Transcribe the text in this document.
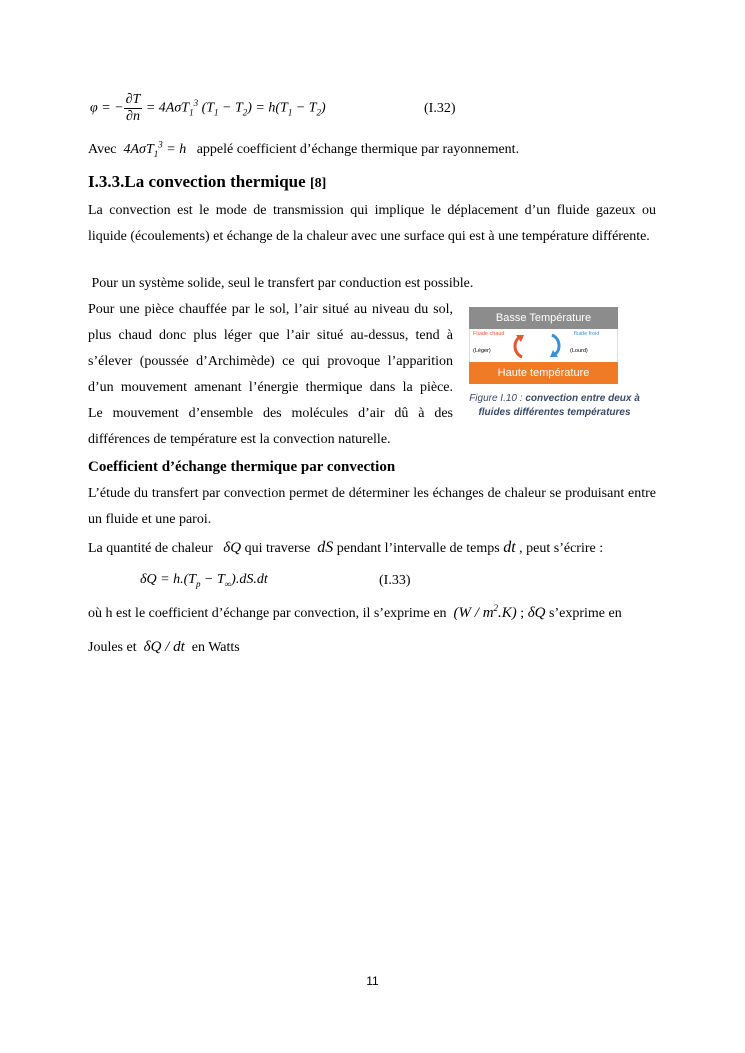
φ = − $\frac{\partial T}{\partial n} = 4A\sigma T_1^3$ $(T_1 - T_2) = h(T_1 - T_2)$	(I.32)
Avec 4AσT$_1^3$ = h appelé coefficient d’échange thermique par rayonnement.
I.3.3.La convection thermique [8]
La convection est le mode de transmission qui implique le déplacement d’un fluide gazeux ou liquide (écoulements) et échange de la chaleur avec une surface qui est à une température différente.
Pour un système solide, seul le transfert par conduction est possible.
Pour une pièce chauffée par le sol, l’air situé au niveau du sol,
plus chaud donc plus léger que l’air situé au-dessus, tend à
s’élever (poussée d’Archimède) ce qui provoque l’apparition
d’un mouvement amenant l’énergie thermique dans la pièce.
Le mouvement d’ensemble des molécules d’air dû à des
différences de température est la convection naturelle.
Basse Température
Fluide chaud
(Léger)
fluide froid
(Lourd)
Haute température
Figure I.10 : convection entre deux à fluides différentes températures
Coefficient d’échange thermique par convection
L’étude du transfert par convection permet de déterminer les échanges de chaleur se produisant entre un fluide et une paroi.
La quantité de chaleur δQ qui traverse dS pendant l’intervalle de temps dt , peut s’écrire :
$\delta Q = h.(T_p - T_\infty).dS.dt$	(I.33)
où h est le coefficient d’échange par convection, il s’exprime en $(W / m^2.K)$ ; δQ s’exprime en
Joules et δQ / dt en Watts
11
